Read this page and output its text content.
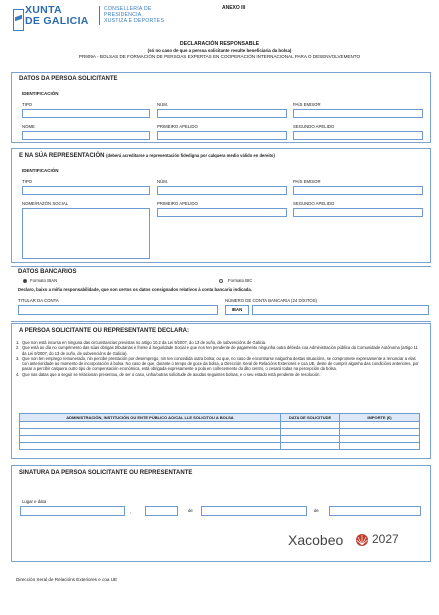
XUNTA
DE GALICIA
CONSELLERÍA DE
PRESIDENCIA,
XUSTIZA E DEPORTES
ANEXO III
DECLARACIÓN RESPONSABLE
(só no caso de que a persoa solicitante resulte beneficiaria da bolsa)
PR909A - BOLSAS DE FORMACIÓN DE PERSOAS EXPERTAS EN COOPERACIÓN INTERNACIONAL PARA O DESENVOLVEMENTO
DATOS DA PERSOA SOLICITANTE
IDENTIFICACIÓN
TIPO	NÚM.	PAÍS EMISOR
NOME	PRIMEIRO APELIDO	SEGUNDO APELIDO
E NA SÚA REPRESENTACIÓN (deberá acreditarse a representación fidedigna por calquera medio válido en dereito)
IDENTIFICACIÓN
TIPO	NÚM.	PAÍS EMISOR
NOME/RAZÓN SOCIAL	PRIMEIRO APELIDO	SEGUNDO APELIDO
DATOS BANCARIOS
Formato IBAN	Formato BIC
Declaro, baixo a miña responsabilidade, que son certos os datos consignados relativos á conta bancaria indicada.
TITULAR DA CONTA	NÚMERO DE CONTA BANCARIA (24 DÍXITOS)
IBAN
A PERSOA SOLICITANTE OU REPRESENTANTE DECLARA:
1. Que non está incursa en ninguna das circunstancias previstas no artigo 10.2 da Lei 9/2007, do 13 de xuño, de subvencións de Galicia.
2. Que está ao día no cumprimento das súas obrigas tributarias e fronte á Seguridade Social e que non ten pendente de pagamento ningunha outra débeda coa Administración pública da Comunidade Autónoma (artigo 11 da Lei 9/2007, do 13 de xuño, de subvencións de Galicia).
3. Que non ten emprego remunerado, nin percibe prestación por desemprego, nin ten concedida outra bolsa; ou que, no caso de encontrarse nalgunha destas situacións, se compromete expresamente a renunciar a elas con anterioridade ao momento de incorporación á bolsa. No caso de que, durante o tempo de goce da bolsa, a Dirección Xeral de Relacións Exteriores e coa UE, deste de cumprir algunha das condicións anteriores, por pasar a percibir calquera outro tipo de compensación económica, está obrigada expresamente a pola en coñecemento do dito centro, o cesará todas na percepción da bolsa.
4. Que nas datas que a seguir se relacionan presentou, de ser o caso, unha/outras solicitude de axudas seguintes bolsas, e o seu estado está pendente de resolución:
ADMINISTRACIÓN, INSTITUCIÓN OU ENTE PÚBLICO AO/CAL LLE SOLICITOU A BOLSA	DATA DE SOLICITUDE	IMPORTE (€)

SINATURA DA PERSOA SOLICITANTE OU REPRESENTANTE
Lugar e data
,	de	de
Xacobeo 2027
Dirección Xeral de Relacións Exteriores e coa UE
